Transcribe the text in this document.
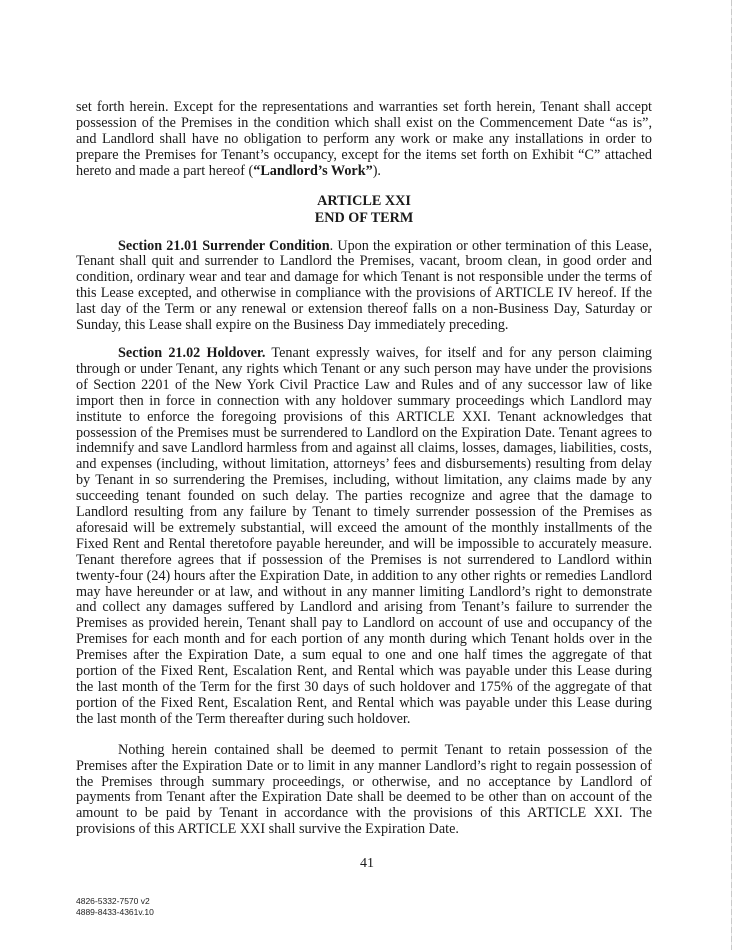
set forth herein. Except for the representations and warranties set forth herein, Tenant shall accept possession of the Premises in the condition which shall exist on the Commencement Date “as is”, and Landlord shall have no obligation to perform any work or make any installations in order to prepare the Premises for Tenant’s occupancy, except for the items set forth on Exhibit “C” attached hereto and made a part hereof (“Landlord’s Work”).

ARTICLE XXI
END OF TERM

Section 21.01 Surrender Condition. Upon the expiration or other termination of this Lease, Tenant shall quit and surrender to Landlord the Premises, vacant, broom clean, in good order and condition, ordinary wear and tear and damage for which Tenant is not responsible under the terms of this Lease excepted, and otherwise in compliance with the provisions of ARTICLE IV hereof. If the last day of the Term or any renewal or extension thereof falls on a non-Business Day, Saturday or Sunday, this Lease shall expire on the Business Day immediately preceding.

Section 21.02 Holdover. Tenant expressly waives, for itself and for any person claiming through or under Tenant, any rights which Tenant or any such person may have under the provisions of Section 2201 of the New York Civil Practice Law and Rules and of any successor law of like import then in force in connection with any holdover summary proceedings which Landlord may institute to enforce the foregoing provisions of this ARTICLE XXI. Tenant acknowledges that possession of the Premises must be surrendered to Landlord on the Expiration Date. Tenant agrees to indemnify and save Landlord harmless from and against all claims, losses, damages, liabilities, costs, and expenses (including, without limitation, attorneys’ fees and disbursements) resulting from delay by Tenant in so surrendering the Premises, including, without limitation, any claims made by any succeeding tenant founded on such delay. The parties recognize and agree that the damage to Landlord resulting from any failure by Tenant to timely surrender possession of the Premises as aforesaid will be extremely substantial, will exceed the amount of the monthly installments of the Fixed Rent and Rental theretofore payable hereunder, and will be impossible to accurately measure. Tenant therefore agrees that if possession of the Premises is not surrendered to Landlord within twenty-four (24) hours after the Expiration Date, in addition to any other rights or remedies Landlord may have hereunder or at law, and without in any manner limiting Landlord’s right to demonstrate and collect any damages suffered by Landlord and arising from Tenant’s failure to surrender the Premises as provided herein, Tenant shall pay to Landlord on account of use and occupancy of the Premises for each month and for each portion of any month during which Tenant holds over in the Premises after the Expiration Date, a sum equal to one and one half times the aggregate of that portion of the Fixed Rent, Escalation Rent, and Rental which was payable under this Lease during the last month of the Term for the first 30 days of such holdover and 175% of the aggregate of that portion of the Fixed Rent, Escalation Rent, and Rental which was payable under this Lease during the last month of the Term thereafter during such holdover.

Nothing herein contained shall be deemed to permit Tenant to retain possession of the Premises after the Expiration Date or to limit in any manner Landlord’s right to regain possession of the Premises through summary proceedings, or otherwise, and no acceptance by Landlord of payments from Tenant after the Expiration Date shall be deemed to be other than on account of the amount to be paid by Tenant in accordance with the provisions of this ARTICLE XXI. The provisions of this ARTICLE XXI shall survive the Expiration Date.

41
4826-5332-7570 v2
4889-8433-4361v.10
